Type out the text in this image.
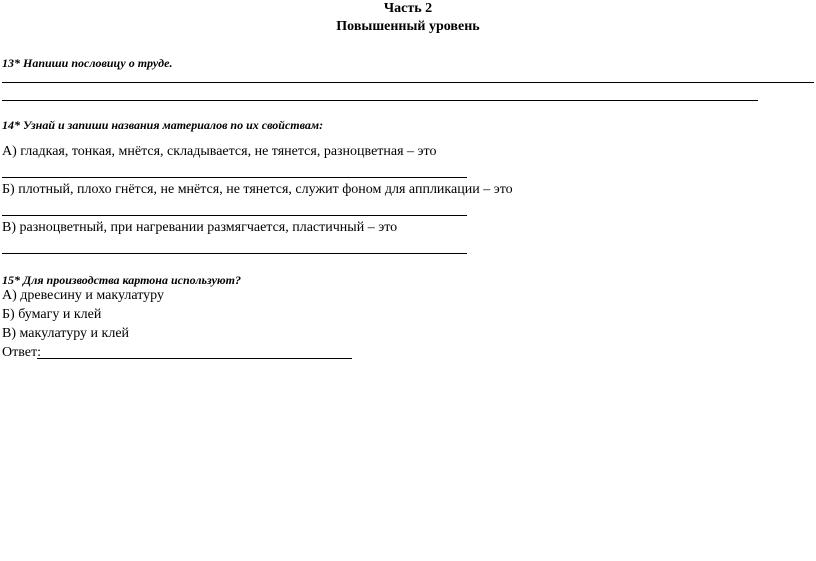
Часть 2
Повышенный уровень
13* Напиши пословицу о труде.
14* Узнай и запиши названия материалов по их свойствам:
А) гладкая, тонкая, мнётся, складывается, не тянется, разноцветная – это
Б) плотный, плохо гнётся, не мнётся, не тянется, служит фоном для аппликации – это
В) разноцветный, при нагревании размягчается, пластичный – это
15* Для производства картона используют?
А) древесину и макулатуру
Б) бумагу и клей
В) макулатуру и клей
Ответ:
